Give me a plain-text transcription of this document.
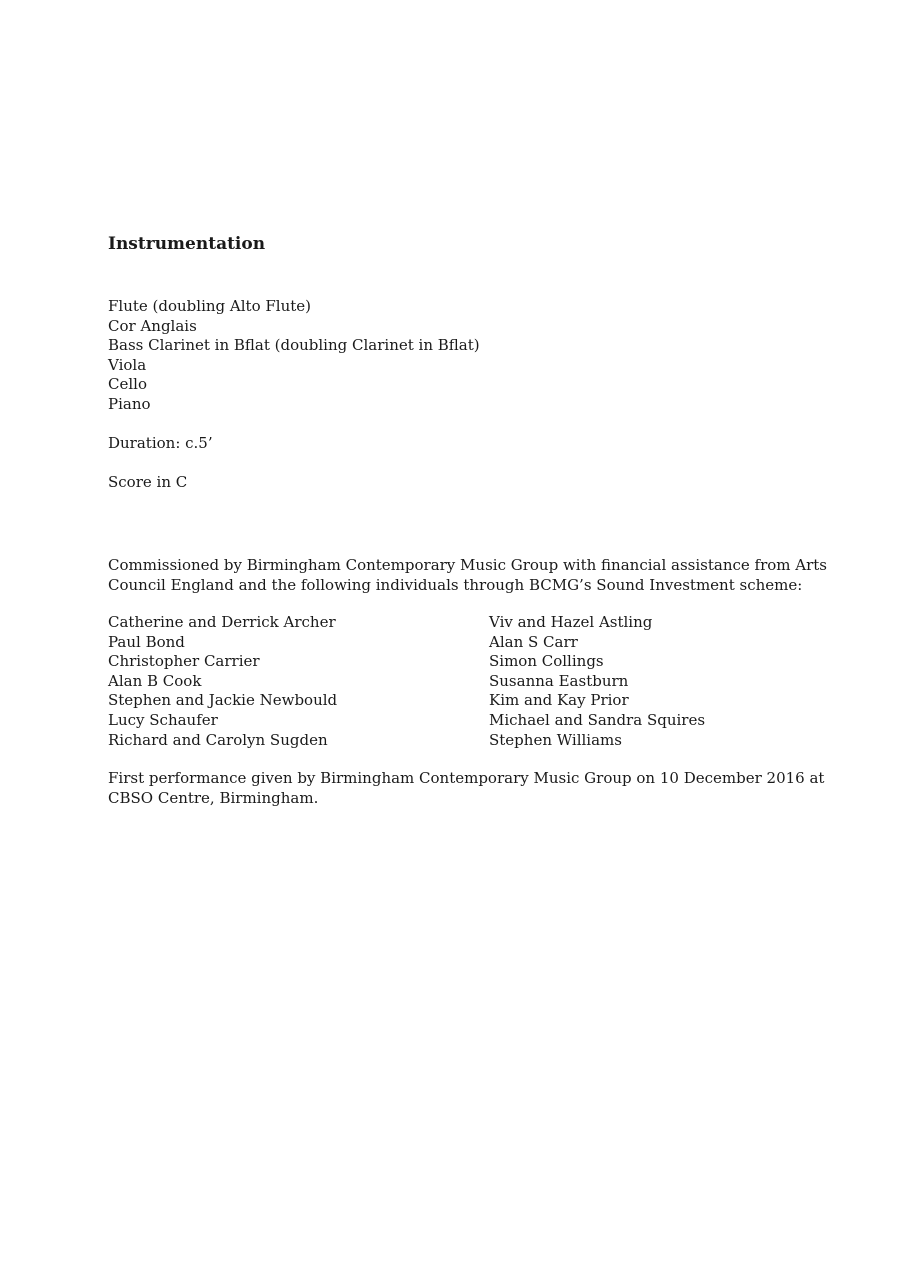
Instrumentation
Flute (doubling Alto Flute)
Cor Anglais
Bass Clarinet in Bflat (doubling Clarinet in Bflat)
Viola
Cello
Piano
Duration: c.5’
Score in C
Commissioned by Birmingham Contemporary Music Group with financial assistance from Arts
Council England and the following individuals through BCMG’s Sound Investment scheme:
Catherine and Derrick Archer
Paul Bond
Christopher Carrier
Alan B Cook
Stephen and Jackie Newbould
Lucy Schaufer
Richard and Carolyn Sugden
Viv and Hazel Astling
Alan S Carr
Simon Collings
Susanna Eastburn
Kim and Kay Prior
Michael and Sandra Squires
Stephen Williams
First performance given by Birmingham Contemporary Music Group on 10 December 2016 at
CBSO Centre, Birmingham.
